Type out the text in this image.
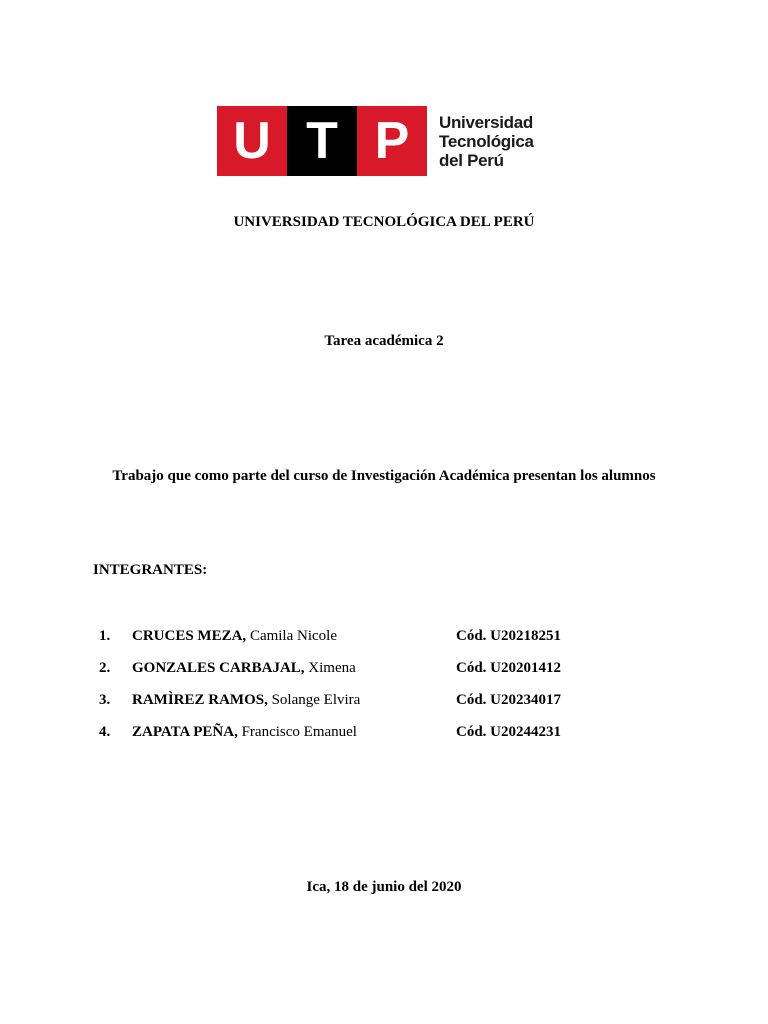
U T P	Universidad
Tecnológica
del Perú
UNIVERSIDAD TECNOLÓGICA DEL PERÚ
Tarea académica 2
Trabajo que como parte del curso de Investigación Académica presentan los alumnos
INTEGRANTES:
1. CRUCES MEZA, Camila Nicole	Cód. U20218251
2. GONZALES CARBAJAL, Ximena	Cód. U20201412
3. RAMÌREZ RAMOS, Solange Elvira	Cód. U20234017
4. ZAPATA PEÑA, Francisco Emanuel	Cód. U20244231
Ica, 18 de junio del 2020
